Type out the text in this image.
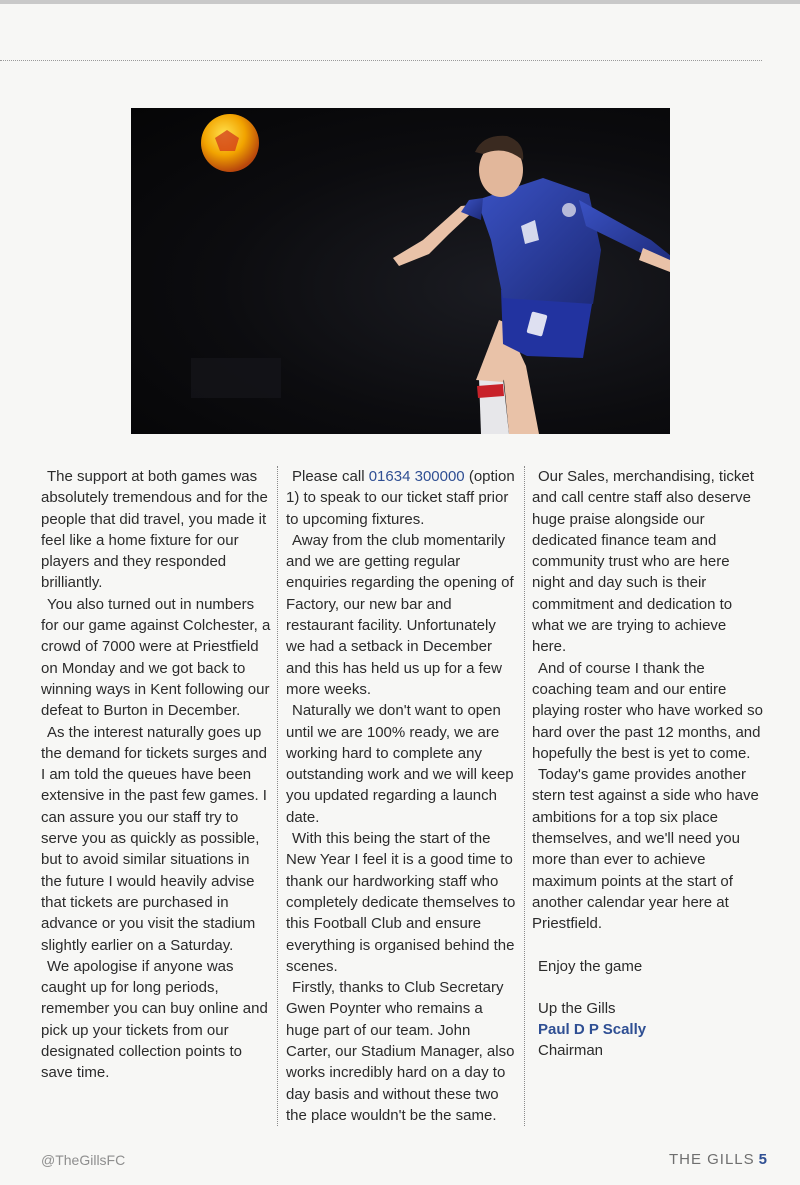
The support at both games was absolutely tremendous and for the people that did travel, you made it feel like a home fixture for our players and they responded brilliantly.

You also turned out in numbers for our game against Colchester, a crowd of 7000 were at Priestfield on Monday and we got back to winning ways in Kent following our defeat to Burton in December.

As the interest naturally goes up the demand for tickets surges and I am told the queues have been extensive in the past few games. I can assure you our staff try to serve you as quickly as possible, but to avoid similar situations in the future I would heavily advise that tickets are purchased in advance or you visit the stadium slightly earlier on a Saturday.

We apologise if anyone was caught up for long periods, remember you can buy online and pick up your tickets from our designated collection points to save time.

Please call 01634 300000 (option 1) to speak to our ticket staff prior to upcoming fixtures.

Away from the club momentarily and we are getting regular enquiries regarding the opening of Factory, our new bar and restaurant facility. Unfortunately we had a setback in December and this has held us up for a few more weeks.

Naturally we don't want to open until we are 100% ready, we are working hard to complete any outstanding work and we will keep you updated regarding a launch date.

With this being the start of the New Year I feel it is a good time to thank our hardworking staff who completely dedicate themselves to this Football Club and ensure everything is organised behind the scenes.

Firstly, thanks to Club Secretary Gwen Poynter who remains a huge part of our team. John Carter, our Stadium Manager, also works incredibly hard on a day to day basis and without these two the place wouldn't be the same.

Our Sales, merchandising, ticket and call centre staff also deserve huge praise alongside our dedicated finance team and community trust who are here night and day such is their commitment and dedication to what we are trying to achieve here.

And of course I thank the coaching team and our entire playing roster who have worked so hard over the past 12 months, and hopefully the best is yet to come.

Today's game provides another stern test against a side who have ambitions for a top six place themselves, and we'll need you more than ever to achieve maximum points at the start of another calendar year here at Priestfield.

Enjoy the game

Up the Gills

Paul D P Scally

Chairman

@TheGillsFC	THE GILLS 5
